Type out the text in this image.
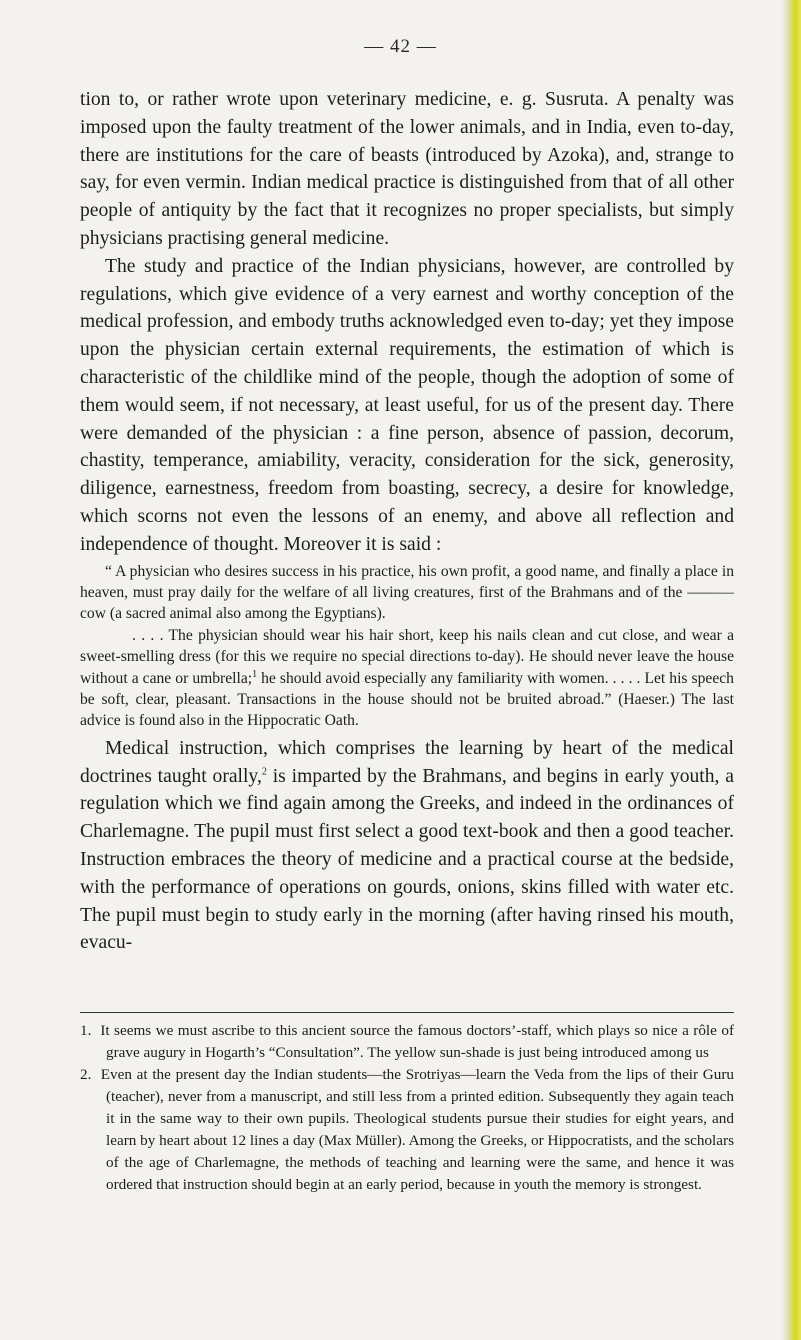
— 42 —

tion to, or rather wrote upon veterinary medicine, e. g. Susruta. A penalty was imposed upon the faulty treatment of the lower animals, and in India, even to-day, there are institutions for the care of beasts (introduced by Azoka), and, strange to say, for even vermin. Indian medical practice is distinguished from that of all other people of antiquity by the fact that it recognizes no proper specialists, but simply physicians practising general medicine.

The study and practice of the Indian physicians, however, are controlled by regulations, which give evidence of a very earnest and worthy conception of the medical profession, and embody truths acknowledged even to-day; yet they impose upon the physician certain external requirements, the estimation of which is characteristic of the childlike mind of the people, though the adoption of some of them would seem, if not necessary, at least useful, for us of the present day. There were demanded of the physician : a fine person, absence of passion, decorum, chastity, temperance, amiability, veracity, consideration for the sick, generosity, diligence, earnestness, freedom from boasting, secrecy, a desire for knowledge, which scorns not even the lessons of an enemy, and above all reflection and independence of thought. Moreover it is said :

“ A physician who desires success in his practice, his own profit, a good name, and finally a place in heaven, must pray daily for the welfare of all living creatures, first of the Brahmans and of the ——— cow (a sacred animal also among the Egyptians).

. . . . The physician should wear his hair short, keep his nails clean and cut close, and wear a sweet-smelling dress (for this we require no special directions to-day). He should never leave the house without a cane or umbrella;$^1$ he should avoid especially any familiarity with women. . . . . Let his speech be soft, clear, pleasant. Transactions in the house should not be bruited abroad.” (Haeser.) The last advice is found also in the Hippocratic Oath.

Medical instruction, which comprises the learning by heart of the medical doctrines taught orally,$^2$ is imparted by the Brahmans, and begins in early youth, a regulation which we find again among the Greeks, and indeed in the ordinances of Charlemagne. The pupil must first select a good text-book and then a good teacher. Instruction embraces the theory of medicine and a practical course at the bedside, with the performance of operations on gourds, onions, skins filled with water etc. The pupil must begin to study early in the morning (after having rinsed his mouth, evacu-

1. It seems we must ascribe to this ancient source the famous doctors’-staff, which plays so nice a rôle of grave augury in Hogarth’s “Consultation”. The yellow sun-shade is just being introduced among us

2. Even at the present day the Indian students—the Srotriyas—learn the Veda from the lips of their Guru (teacher), never from a manuscript, and still less from a printed edition. Subsequently they again teach it in the same way to their own pupils. Theological students pursue their studies for eight years, and learn by heart about 12 lines a day (Max Müller). Among the Greeks, or Hippocratists, and the scholars of the age of Charlemagne, the methods of teaching and learning were the same, and hence it was ordered that instruction should begin at an early period, because in youth the memory is strongest.
